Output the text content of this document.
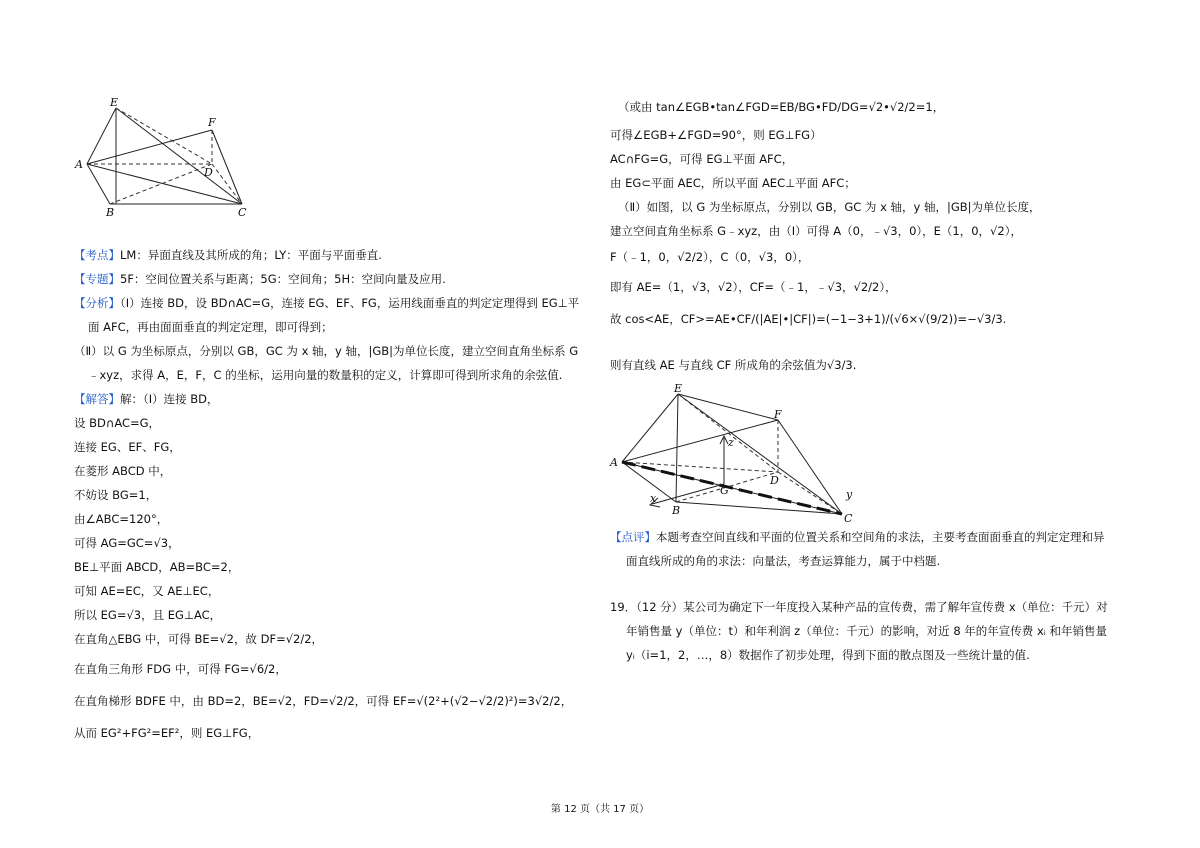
E
F
A
D
B	C
【考点】LM：异面直线及其所成的角；LY：平面与平面垂直.
【专题】5F：空间位置关系与距离；5G：空间角；5H：空间向量及应用.
【分析】（Ⅰ）连接 BD，设 BD∩AC=G，连接 EG、EF、FG，运用线面垂直的判定定理得到 EG⊥平
面 AFC，再由面面垂直的判定定理，即可得到；
（Ⅱ）以 G 为坐标原点，分别以 GB，GC 为 x 轴，y 轴，|GB|为单位长度，建立空间直角坐标系 G
﹣xyz，求得 A，E，F，C 的坐标，运用向量的数量积的定义，计算即可得到所求角的余弦值.
【解答】解：（Ⅰ）连接 BD，
设 BD∩AC=G，
连接 EG、EF、FG，
在菱形 ABCD 中，
不妨设 BG=1，
由∠ABC=120°，
可得 AG=GC=√3，
BE⊥平面 ABCD，AB=BC=2，
可知 AE=EC，又 AE⊥EC，
所以 EG=√3，且 EG⊥AC，
在直角△EBG 中，可得 BE=√2，故 DF=√2/2，
在直角三角形 FDG 中，可得 FG=√6/2，
在直角梯形 BDFE 中，由 BD=2，BE=√2，FD=√2/2，可得 EF=√(2²+(√2−√2/2)²)=3√2/2，
从而 EG²+FG²=EF²，则 EG⊥FG，
（或由 tan∠EGB•tan∠FGD=EB/BG•FD/DG=√2•√2/2=1，
可得∠EGB+∠FGD=90°，则 EG⊥FG）
AC∩FG=G，可得 EG⊥平面 AFC，
由 EG⊂平面 AEC，所以平面 AEC⊥平面 AFC；
（Ⅱ）如图，以 G 为坐标原点，分别以 GB，GC 为 x 轴，y 轴，|GB|为单位长度，
建立空间直角坐标系 G﹣xyz，由（Ⅰ）可得 A（0，﹣√3，0），E（1，0，√2），
F（﹣1，0，√2/2），C（0，√3，0），
即有 AE=（1，√3，√2），CF=（﹣1，﹣√3，√2/2），
故 cos<AE，CF>=AE•CF/(|AE|•|CF|)=(−1−3+1)/(√6×√(9/2))=−√3/3.
则有直线 AE 与直线 CF 所成角的余弦值为√3/3.
E
F
z
A
D
G
x
B
y
C
【点评】本题考查空间直线和平面的位置关系和空间角的求法，主要考查面面垂直的判定定理和异
面直线所成的角的求法：向量法，考查运算能力，属于中档题.
19．（12 分）某公司为确定下一年度投入某种产品的宣传费，需了解年宣传费 x（单位：千元）对
年销售量 y（单位：t）和年利润 z（单位：千元）的影响，对近 8 年的年宣传费 xᵢ 和年销售量
yᵢ（i=1，2，…，8）数据作了初步处理，得到下面的散点图及一些统计量的值.
第 12 页（共 17 页）
